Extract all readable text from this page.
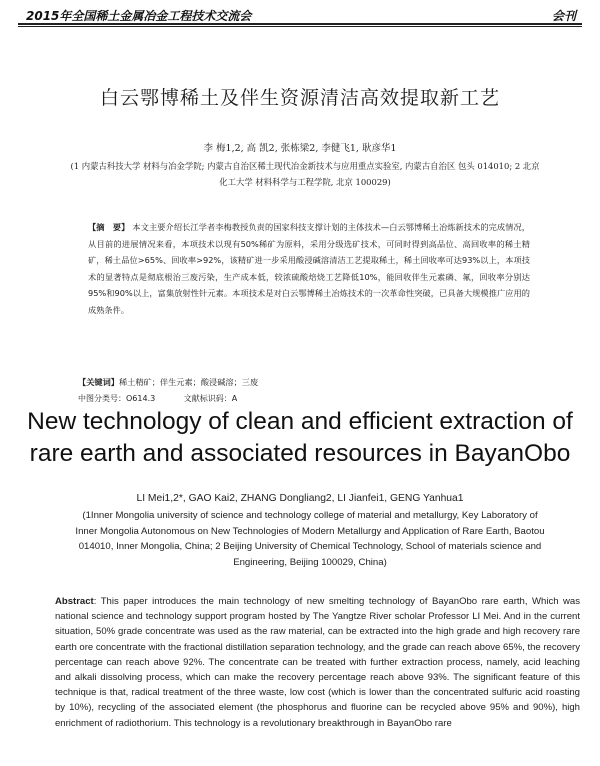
2015年全国稀土金属冶金工程技术交流会	会刊
白云鄂博稀土及伴生资源清洁高效提取新工艺
李 梅1,2, 高 凯2, 张栋梁2, 李健飞1, 耿彦华1
(1 内蒙古科技大学 材料与冶金学院; 内蒙古自治区稀土现代冶金新技术与应用重点实验室, 内蒙古自治区 包头 014010; 2 北京化工大学 材料科学与工程学院, 北京 100029)
【摘　要】 本文主要介绍长江学者李梅教授负责的国家科技支撑计划的主体技术—白云鄂博稀土冶炼新技术的完成情况，从目前的进展情况来看，本项技术以现有50%稀矿为原料，采用分级选矿技术，可同时得到高品位、高回收率的稀土精矿，稀土品位>65%、回收率>92%，该精矿进一步采用酸浸碱溶清洁工艺提取稀土，稀土回收率可达93%以上，本项技术的显著特点是彻底根治三废污染，生产成本低，较浓硫酸焙烧工艺降低10%，能回收伴生元素磷、氟，回收率分别达95%和90%以上，富集放射性针元素。本项技术是对白云鄂博稀土冶炼技术的一次革命性突破，已具备大规模推广应用的成熟条件。
【关键词】稀土精矿；伴生元素；酸浸碱溶；三废
中图分类号：O614.3	文献标识码：A
New technology of clean and efficient extraction of rare earth and associated resources in BayanObo
LI Mei1,2*, GAO Kai2, ZHANG Dongliang2, LI Jianfei1, GENG Yanhua1
(1Inner Mongolia university of science and technology college of material and metallurgy, Key Laboratory of Inner Mongolia Autonomous on New Technologies of Modern Metallurgy and Application of Rare Earth, Baotou 014010, Inner Mongolia, China; 2 Beijing University of Chemical Technology, School of materials science and Engineering, Beijing 100029, China)
Abstract: This paper introduces the main technology of new smelting technology of BayanObo rare earth, Which was national science and technology support program hosted by The Yangtze River scholar Professor LI Mei. And in the current situation, 50% grade concentrate was used as the raw material, can be extracted into the high grade and high recovery rare earth ore concentrate with the fractional distillation separation technology, and the grade can reach above 65%, the recovery percentage can reach above 92%. The concentrate can be treated with further extraction process, namely, acid leaching and alkali dissolving process, which can make the recovery percentage reach above 93%. The significant feature of this technique is that, radical treatment of the three waste, low cost (which is lower than the concentrated sulfuric acid roasting by 10%), recycling of the associated element (the phosphorus and fluorine can be recycled above 95% and 90%), high enrichment of radiothorium. This technology is a revolutionary breakthrough in BayanObo rare
